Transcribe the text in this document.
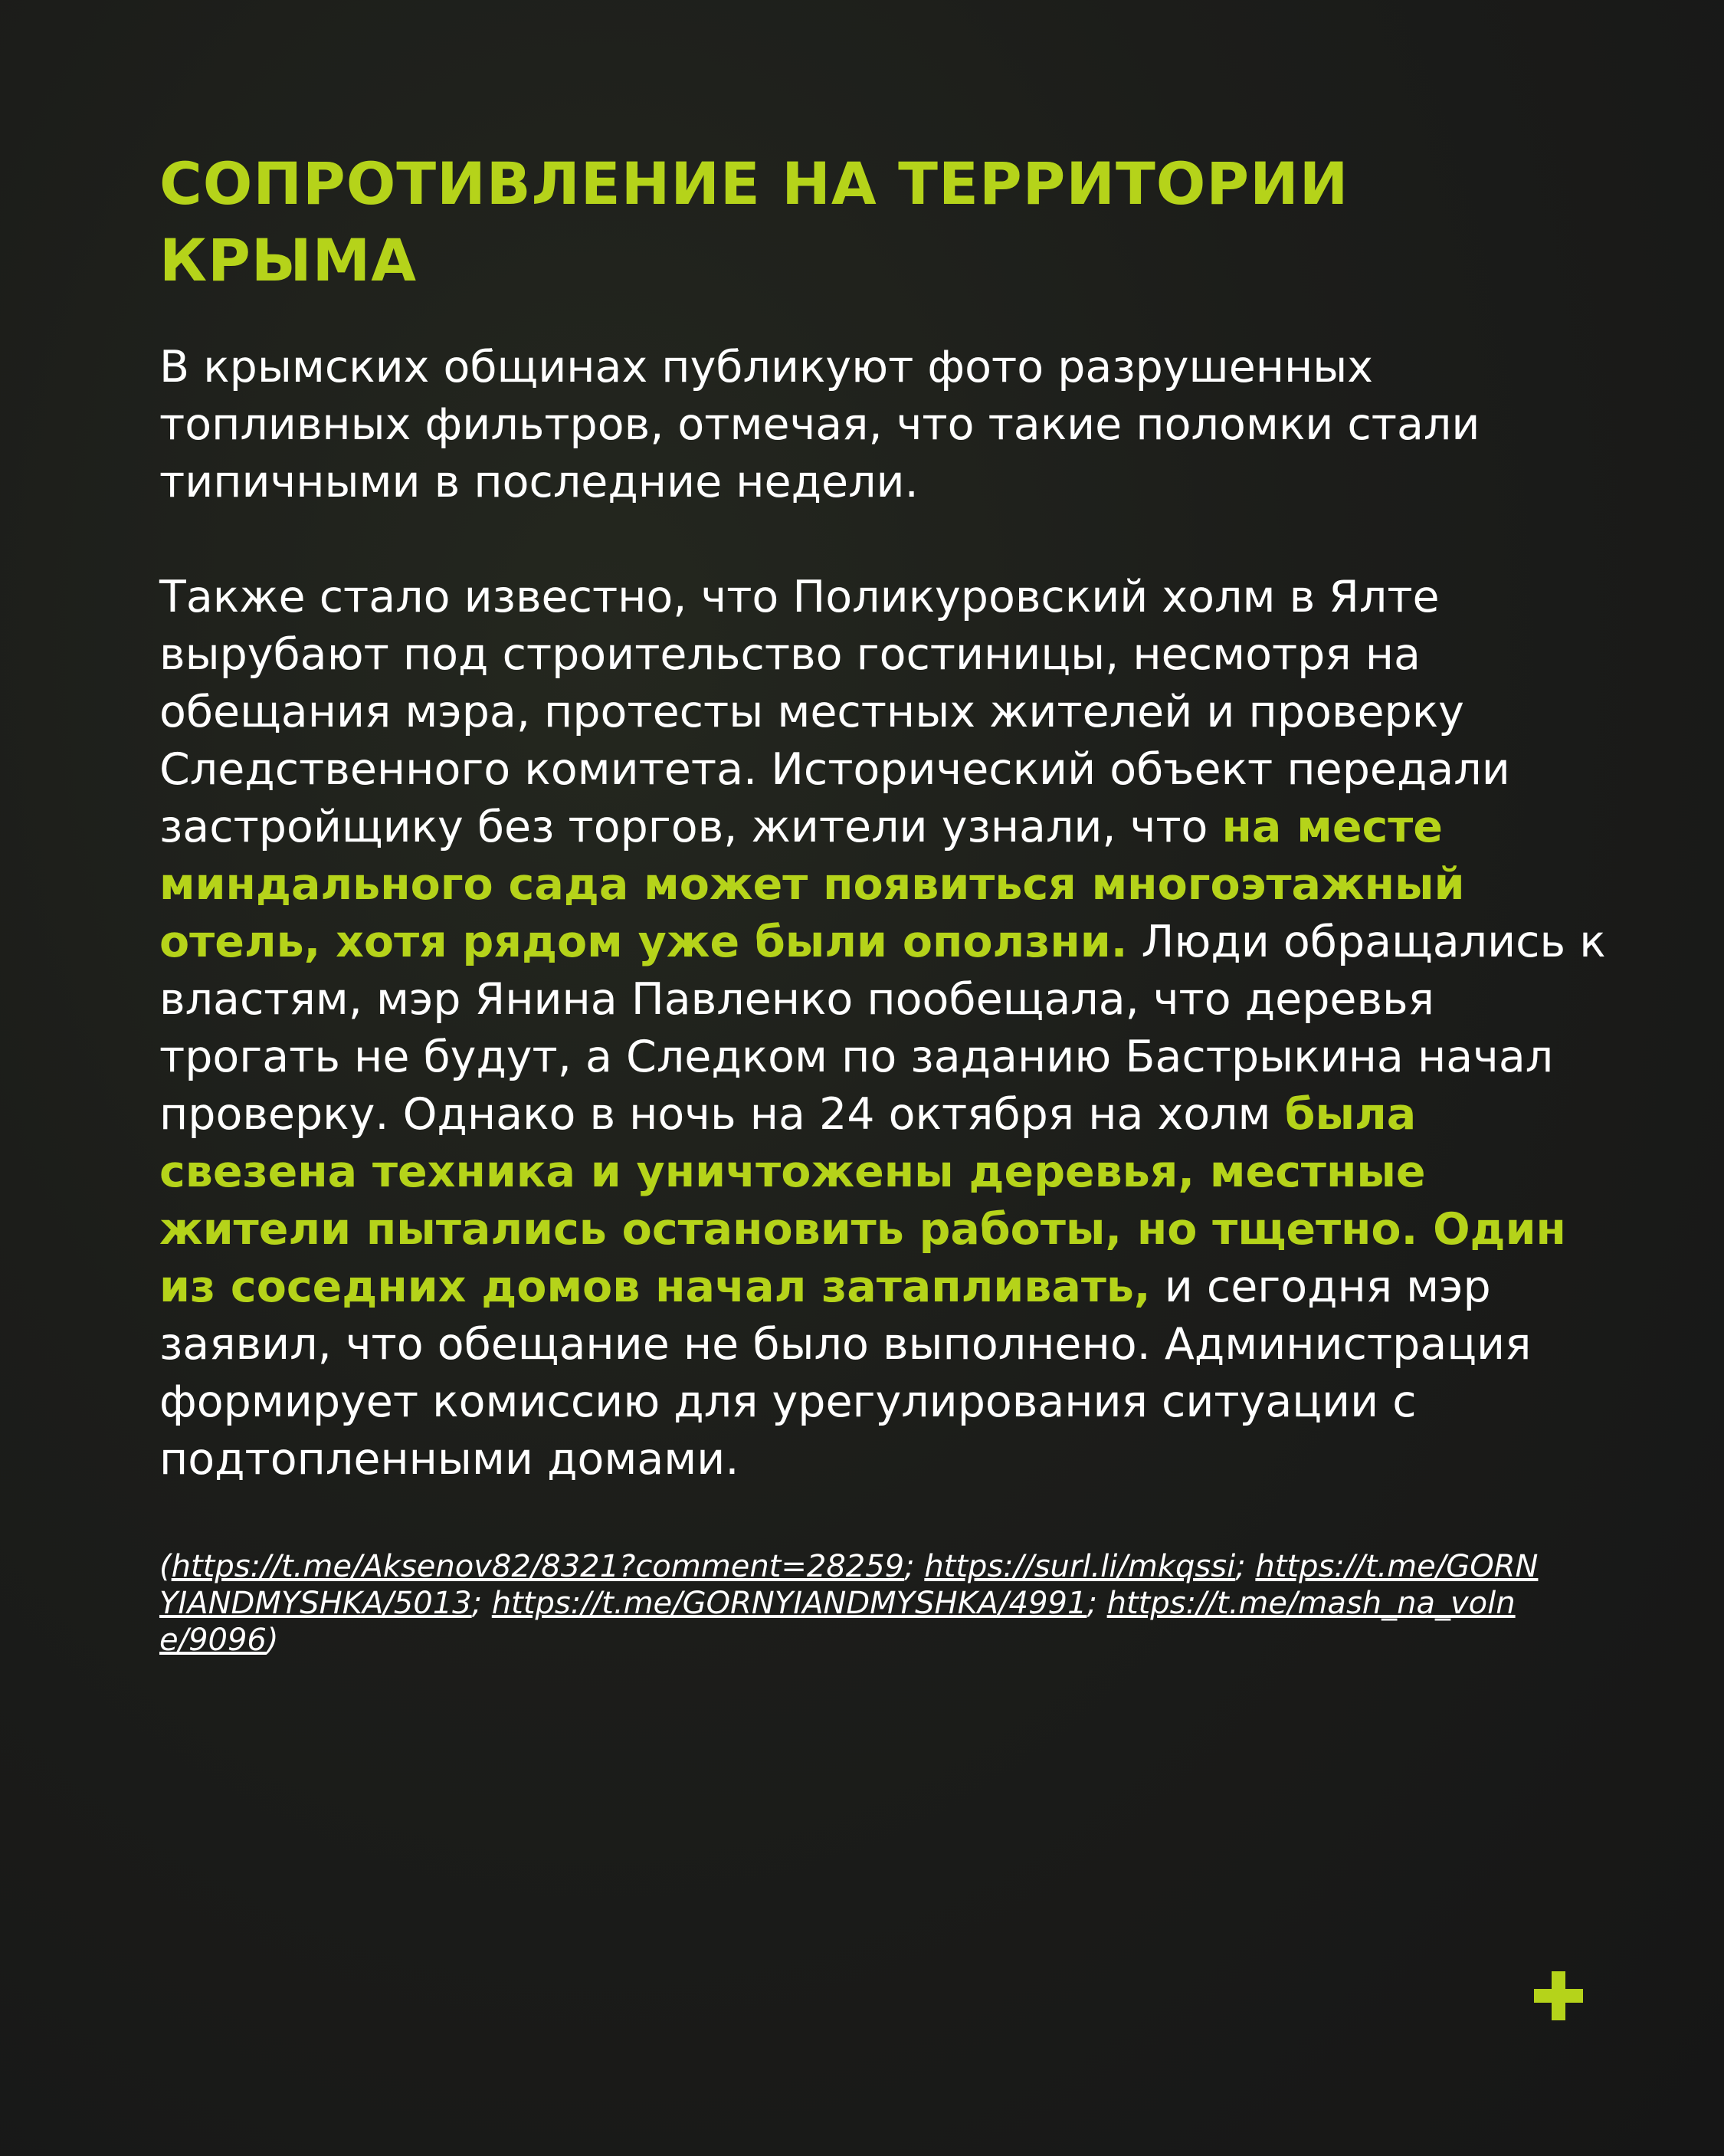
СОПРОТИВЛЕНИЕ НА ТЕРРИТОРИИ КРЫМА

В крымских общинах публикуют фото разрушенных топливных фильтров, отмечая, что такие поломки стали типичными в последние недели.

Также стало известно, что Поликуровский холм в Ялте вырубают под строительство гостиницы, несмотря на обещания мэра, протесты местных жителей и проверку Следственного комитета. Исторический объект передали застройщику без торгов, жители узнали, что на месте миндального сада может появиться многоэтажный отель, хотя рядом уже были оползни. Люди обращались к властям, мэр Янина Павленко пообещала, что деревья трогать не будут, а Следком по заданию Бастрыкина начал проверку. Однако в ночь на 24 октября на холм была свезена техника и уничтожены деревья, местные жители пытались остановить работы, но тщетно. Один из соседних домов начал затапливать, и сегодня мэр заявил, что обещание не было выполнено. Администрация формирует комиссию для урегулирования ситуации с подтопленными домами.

(https://t.me/Aksenov82/8321?comment=28259; https://surl.li/mkqssi; https://t.me/GORNYIANDMYSHKA/5013; https://t.me/GORNYIANDMYSHKA/4991; https://t.me/mash_na_volne/9096)
